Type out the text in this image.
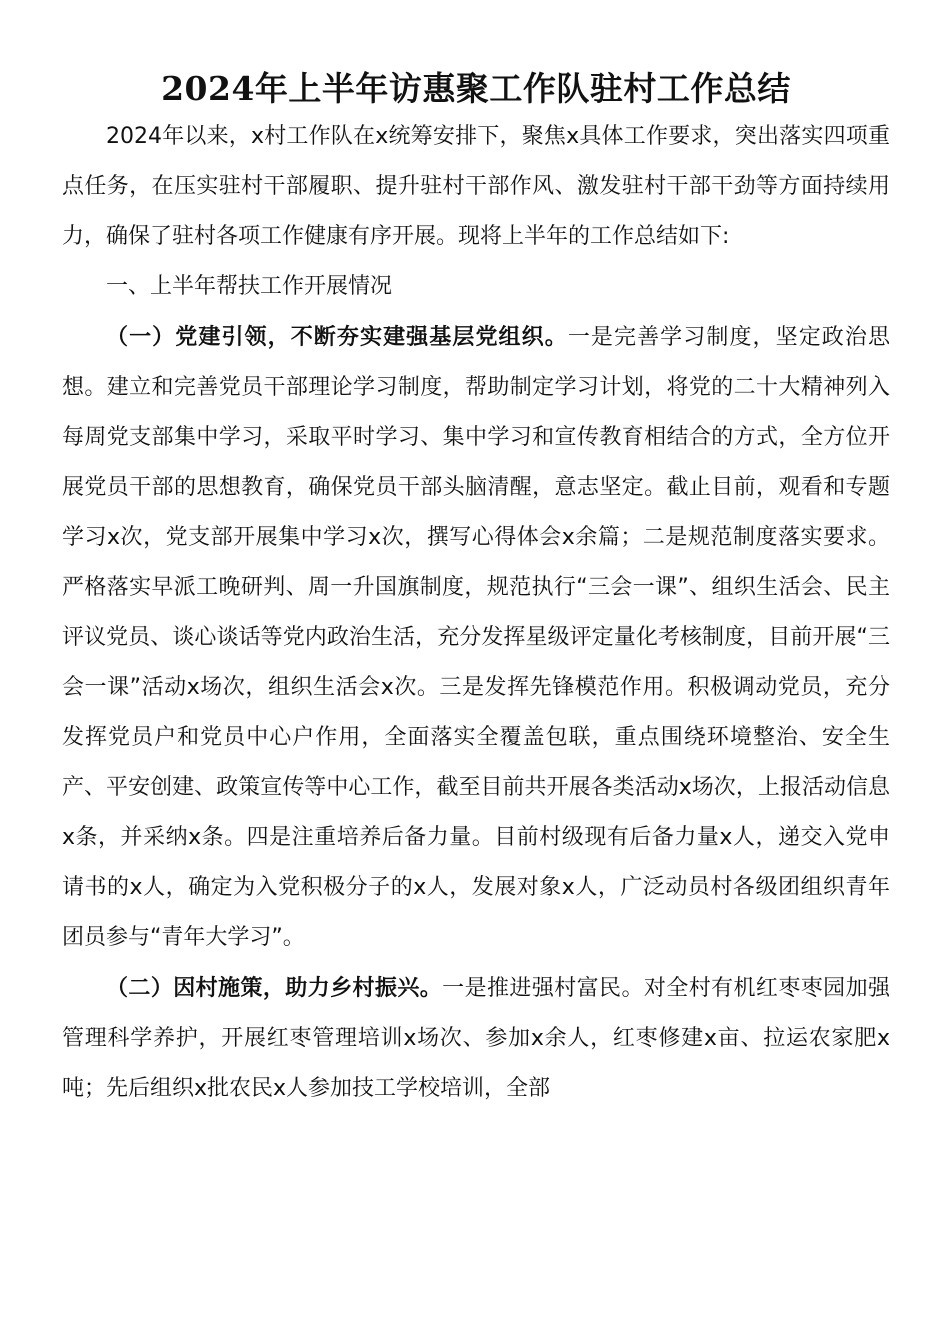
2024年上半年访惠聚工作队驻村工作总结

2024年以来，x村工作队在x统筹安排下，聚焦x具体工作要求，突出落实四项重点任务，在压实驻村干部履职、提升驻村干部作风、激发驻村干部干劲等方面持续用力，确保了驻村各项工作健康有序开展。现将上半年的工作总结如下:

一、上半年帮扶工作开展情况

（一）党建引领，不断夯实建强基层党组织。一是完善学习制度，坚定政治思想。建立和完善党员干部理论学习制度，帮助制定学习计划，将党的二十大精神列入每周党支部集中学习，采取平时学习、集中学习和宣传教育相结合的方式，全方位开展党员干部的思想教育，确保党员干部头脑清醒，意志坚定。截止目前，观看和专题学习x次，党支部开展集中学习x次，撰写心得体会x余篇；二是规范制度落实要求。严格落实早派工晚研判、周一升国旗制度，规范执行“三会一课”、组织生活会、民主评议党员、谈心谈话等党内政治生活，充分发挥星级评定量化考核制度，目前开展“三会一课”活动x场次，组织生活会x次。三是发挥先锋模范作用。积极调动党员，充分发挥党员户和党员中心户作用，全面落实全覆盖包联，重点围绕环境整治、安全生产、平安创建、政策宣传等中心工作，截至目前共开展各类活动x场次，上报活动信息x条，并采纳x条。四是注重培养后备力量。目前村级现有后备力量x人，递交入党申请书的x人，确定为入党积极分子的x人，发展对象x人，广泛动员村各级团组织青年团员参与“青年大学习”。

（二）因村施策，助力乡村振兴。一是推进强村富民。对全村有机红枣枣园加强管理科学养护，开展红枣管理培训x场次、参加x余人，红枣修建x亩、拉运农家肥x吨；先后组织x批农民x人参加技工学校培训，全部
